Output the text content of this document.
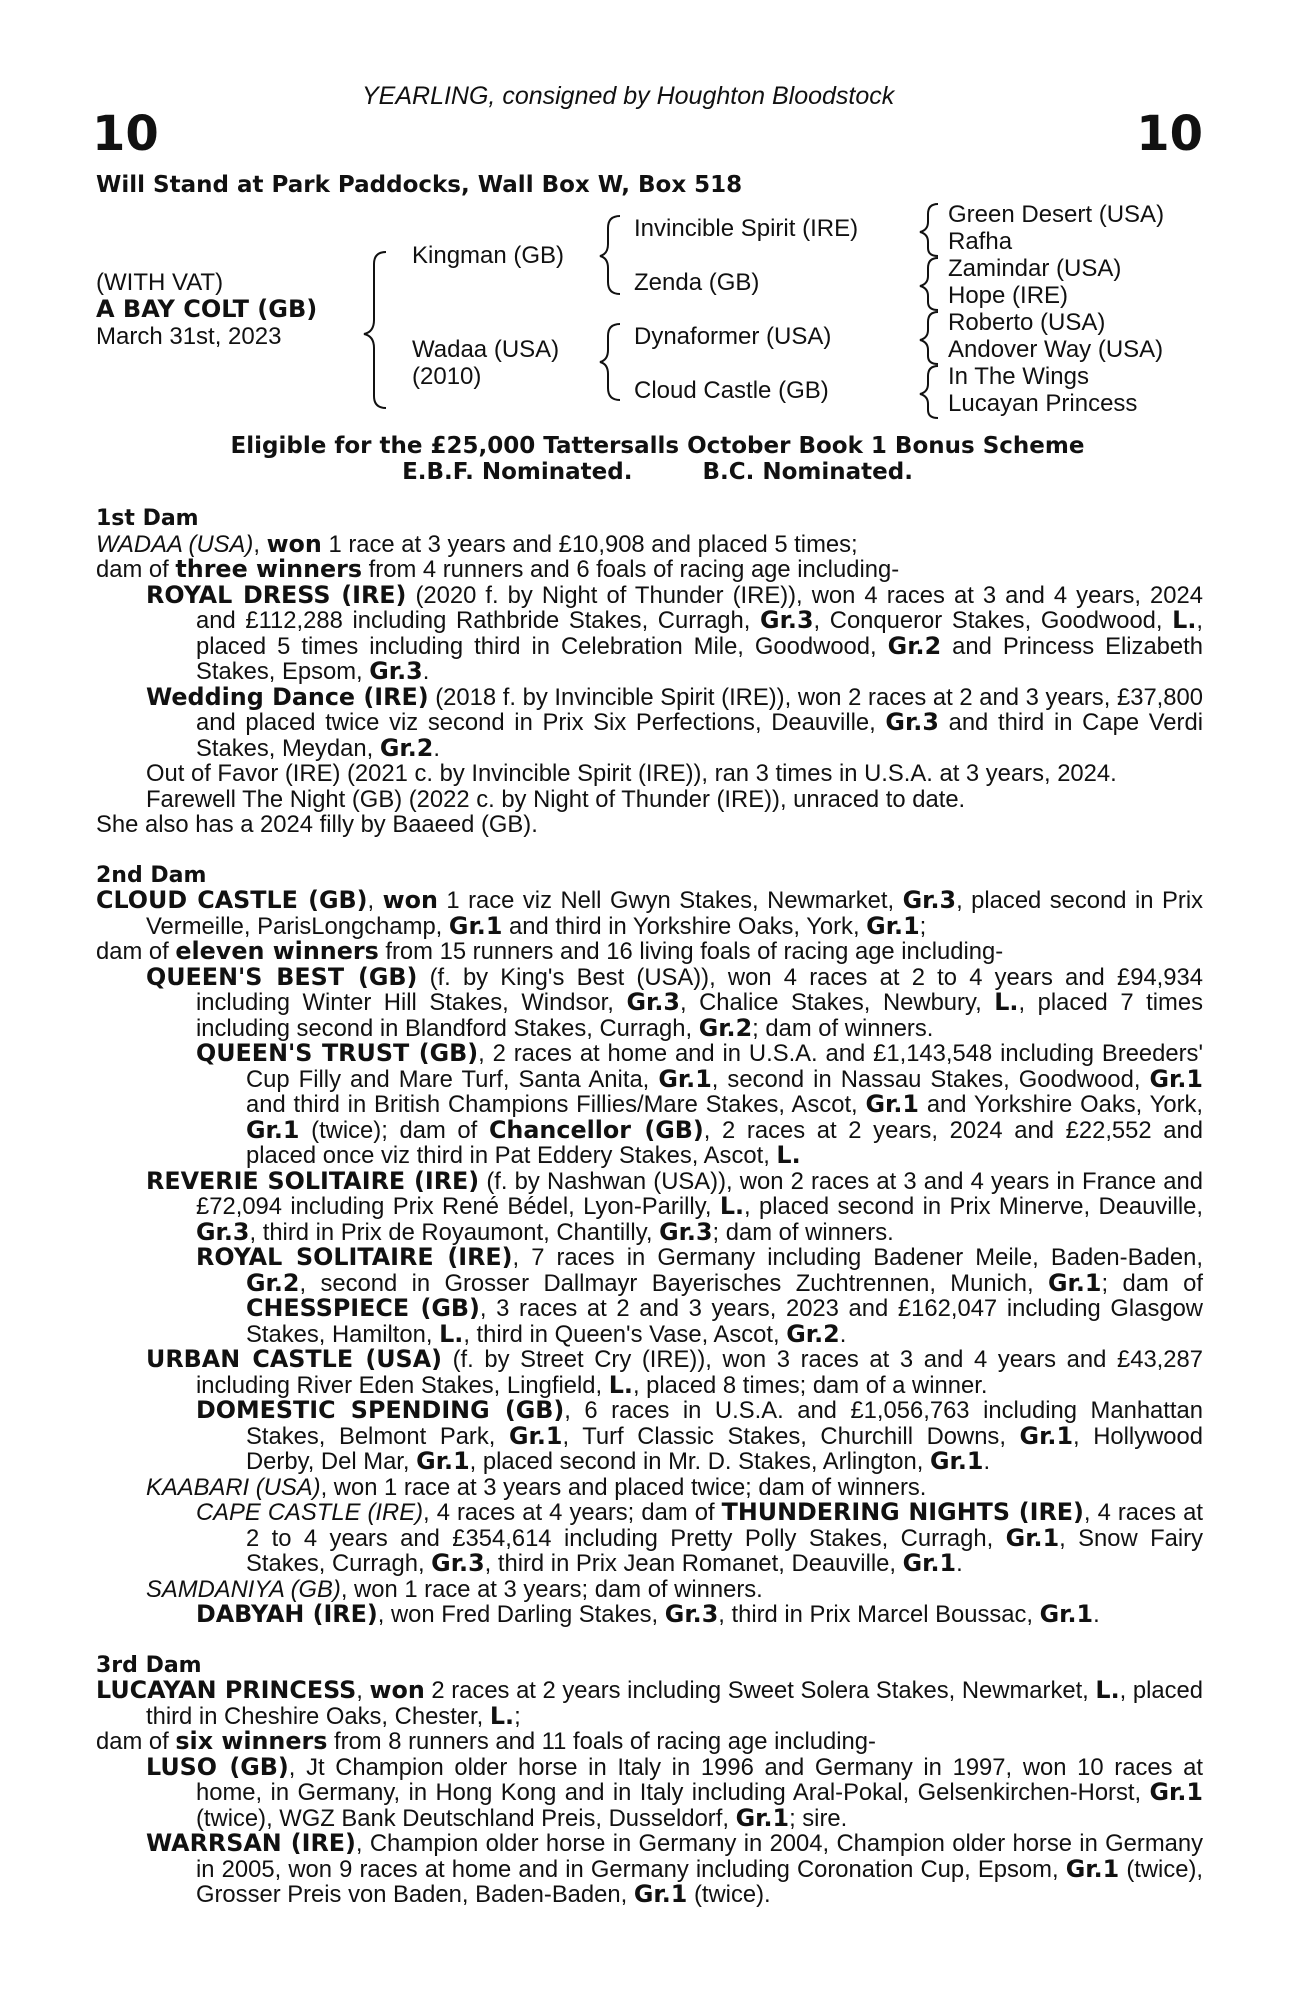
YEARLING, consigned by Houghton Bloodstock
10	10
Will Stand at Park Paddocks, Wall Box W, Box 518
(WITH VAT)
A BAY COLT (GB)
March 31st, 2023
Kingman (GB)
Wadaa (USA)
(2010)
Invincible Spirit (IRE)
Zenda (GB)
Dynaformer (USA)
Cloud Castle (GB)
Green Desert (USA)
Rafha
Zamindar (USA)
Hope (IRE)
Roberto (USA)
Andover Way (USA)
In The Wings
Lucayan Princess
Eligible for the £25,000 Tattersalls October Book 1 Bonus Scheme
E.B.F. Nominated.	B.C. Nominated.

1st Dam

WADAA (USA), won 1 race at 3 years and £10,908 and placed 5 times;

dam of three winners from 4 runners and 6 foals of racing age including-

ROYAL DRESS (IRE) (2020 f. by Night of Thunder (IRE)), won 4 races at 3 and 4 years, 2024 and £112,288 including Rathbride Stakes, Curragh, Gr.3, Conqueror Stakes, Goodwood, L., placed 5 times including third in Celebration Mile, Goodwood, Gr.2 and Princess Elizabeth Stakes, Epsom, Gr.3.

Wedding Dance (IRE) (2018 f. by Invincible Spirit (IRE)), won 2 races at 2 and 3 years, £37,800 and placed twice viz second in Prix Six Perfections, Deauville, Gr.3 and third in Cape Verdi Stakes, Meydan, Gr.2.

Out of Favor (IRE) (2021 c. by Invincible Spirit (IRE)), ran 3 times in U.S.A. at 3 years, 2024.

Farewell The Night (GB) (2022 c. by Night of Thunder (IRE)), unraced to date.

She also has a 2024 filly by Baaeed (GB).

2nd Dam

CLOUD CASTLE (GB), won 1 race viz Nell Gwyn Stakes, Newmarket, Gr.3, placed second in Prix Vermeille, ParisLongchamp, Gr.1 and third in Yorkshire Oaks, York, Gr.1;

dam of eleven winners from 15 runners and 16 living foals of racing age including-

QUEEN'S BEST (GB) (f. by King's Best (USA)), won 4 races at 2 to 4 years and £94,934 including Winter Hill Stakes, Windsor, Gr.3, Chalice Stakes, Newbury, L., placed 7 times including second in Blandford Stakes, Curragh, Gr.2; dam of winners.

QUEEN'S TRUST (GB), 2 races at home and in U.S.A. and £1,143,548 including Breeders' Cup Filly and Mare Turf, Santa Anita, Gr.1, second in Nassau Stakes, Goodwood, Gr.1 and third in British Champions Fillies/Mare Stakes, Ascot, Gr.1 and Yorkshire Oaks, York, Gr.1 (twice); dam of Chancellor (GB), 2 races at 2 years, 2024 and £22,552 and placed once viz third in Pat Eddery Stakes, Ascot, L.

REVERIE SOLITAIRE (IRE) (f. by Nashwan (USA)), won 2 races at 3 and 4 years in France and £72,094 including Prix René Bédel, Lyon-Parilly, L., placed second in Prix Minerve, Deauville, Gr.3, third in Prix de Royaumont, Chantilly, Gr.3; dam of winners.

ROYAL SOLITAIRE (IRE), 7 races in Germany including Badener Meile, Baden-Baden, Gr.2, second in Grosser Dallmayr Bayerisches Zuchtrennen, Munich, Gr.1; dam of CHESSPIECE (GB), 3 races at 2 and 3 years, 2023 and £162,047 including Glasgow Stakes, Hamilton, L., third in Queen's Vase, Ascot, Gr.2.

URBAN CASTLE (USA) (f. by Street Cry (IRE)), won 3 races at 3 and 4 years and £43,287 including River Eden Stakes, Lingfield, L., placed 8 times; dam of a winner.

DOMESTIC SPENDING (GB), 6 races in U.S.A. and £1,056,763 including Manhattan Stakes, Belmont Park, Gr.1, Turf Classic Stakes, Churchill Downs, Gr.1, Hollywood Derby, Del Mar, Gr.1, placed second in Mr. D. Stakes, Arlington, Gr.1.

KAABARI (USA), won 1 race at 3 years and placed twice; dam of winners.

CAPE CASTLE (IRE), 4 races at 4 years; dam of THUNDERING NIGHTS (IRE), 4 races at 2 to 4 years and £354,614 including Pretty Polly Stakes, Curragh, Gr.1, Snow Fairy Stakes, Curragh, Gr.3, third in Prix Jean Romanet, Deauville, Gr.1.

SAMDANIYA (GB), won 1 race at 3 years; dam of winners.

DABYAH (IRE), won Fred Darling Stakes, Gr.3, third in Prix Marcel Boussac, Gr.1.

3rd Dam

LUCAYAN PRINCESS, won 2 races at 2 years including Sweet Solera Stakes, Newmarket, L., placed third in Cheshire Oaks, Chester, L.;

dam of six winners from 8 runners and 11 foals of racing age including-

LUSO (GB), Jt Champion older horse in Italy in 1996 and Germany in 1997, won 10 races at home, in Germany, in Hong Kong and in Italy including Aral-Pokal, Gelsenkirchen-Horst, Gr.1 (twice), WGZ Bank Deutschland Preis, Dusseldorf, Gr.1; sire.

WARRSAN (IRE), Champion older horse in Germany in 2004, Champion older horse in Germany in 2005, won 9 races at home and in Germany including Coronation Cup, Epsom, Gr.1 (twice), Grosser Preis von Baden, Baden-Baden, Gr.1 (twice).
